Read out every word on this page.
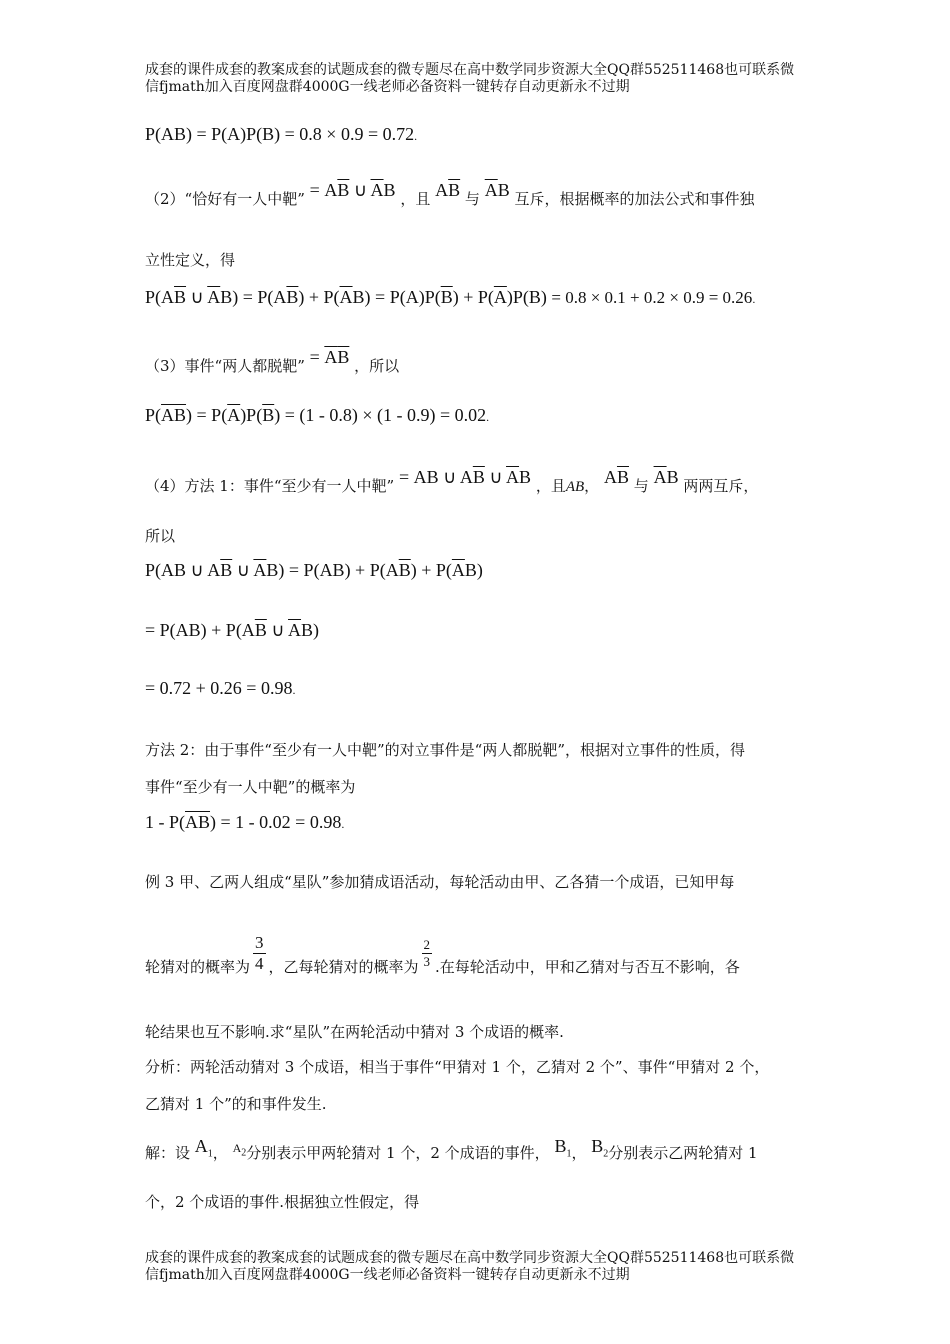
成套的课件成套的教案成套的试题成套的微专题尽在高中数学同步资源大全QQ群552511468也可联系微
信fjmath加入百度网盘群4000G一线老师必备资料一键转存自动更新永不过期
P(AB) = P(A)P(B) = 0.8 × 0.9 = 0.72.
（2）“恰好有一人中靶” = $A\overline{B}$ ∪ $\overline{A}B$ ，且 $A\overline{B}$ 与 $\overline{A}B$ 互斥，根据概率的加法公式和事件独
立性定义，得
$P(A\overline{B}$ ∪ $\overline{A}B) = P(A\overline{B}) + P(\overline{A}B) = P(A)P(\overline{B}) + P(\overline{A})P(B) = 0.8 \times 0.1 + 0.2 \times 0.9 = 0.26$.
（3）事件“两人都脱靶” = $\overline{A}\overline{B}$ ，所以
$P(\overline{A}\overline{B}) = P(\overline{A})P(\overline{B}) = (1 - 0.8) \times (1 - 0.9) = 0.02$.
（4）方法 1：事件“至少有一人中靶” = AB ∪ $A\overline{B}$ ∪ $\overline{A}B$ ，且AB， $A\overline{B}$ 与 $\overline{A}B$ 两两互斥，
所以
P(AB ∪ $A\overline{B}$ ∪ $\overline{A}B) = P(AB) + P(A\overline{B}) + P(\overline{A}B)$
= $P(AB) + P(A\overline{B}$ ∪ $\overline{A}B$)
= 0.72 + 0.26 = 0.98.
方法 2：由于事件“至少有一人中靶”的对立事件是“两人都脱靶”，根据对立事件的性质，得
事件“至少有一人中靶”的概率为
$1 - P(\overline{A}\overline{B}) = 1 - 0.02 = 0.98$.
例 3 甲、乙两人组成“星队”参加猜成语活动，每轮活动由甲、乙各猜一个成语，已知甲每
轮猜对的概率为 $\frac{3}{4}$ ，乙每轮猜对的概率为 $\frac{2}{3}$ .在每轮活动中，甲和乙猜对与否互不影响，各
轮结果也互不影响.求“星队”在两轮活动中猜对 3 个成语的概率.
分析：两轮活动猜对 3 个成语，相当于事件“甲猜对 1 个，乙猜对 2 个”、事件“甲猜对 2 个，
乙猜对 1 个”的和事件发生.
解：设 $A_1$， $^{A_2}$分别表示甲两轮猜对 1 个，2 个成语的事件， $B_1$， $B_2$分别表示乙两轮猜对 1
个，2 个成语的事件.根据独立性假定，得
成套的课件成套的教案成套的试题成套的微专题尽在高中数学同步资源大全QQ群552511468也可联系微
信fjmath加入百度网盘群4000G一线老师必备资料一键转存自动更新永不过期
